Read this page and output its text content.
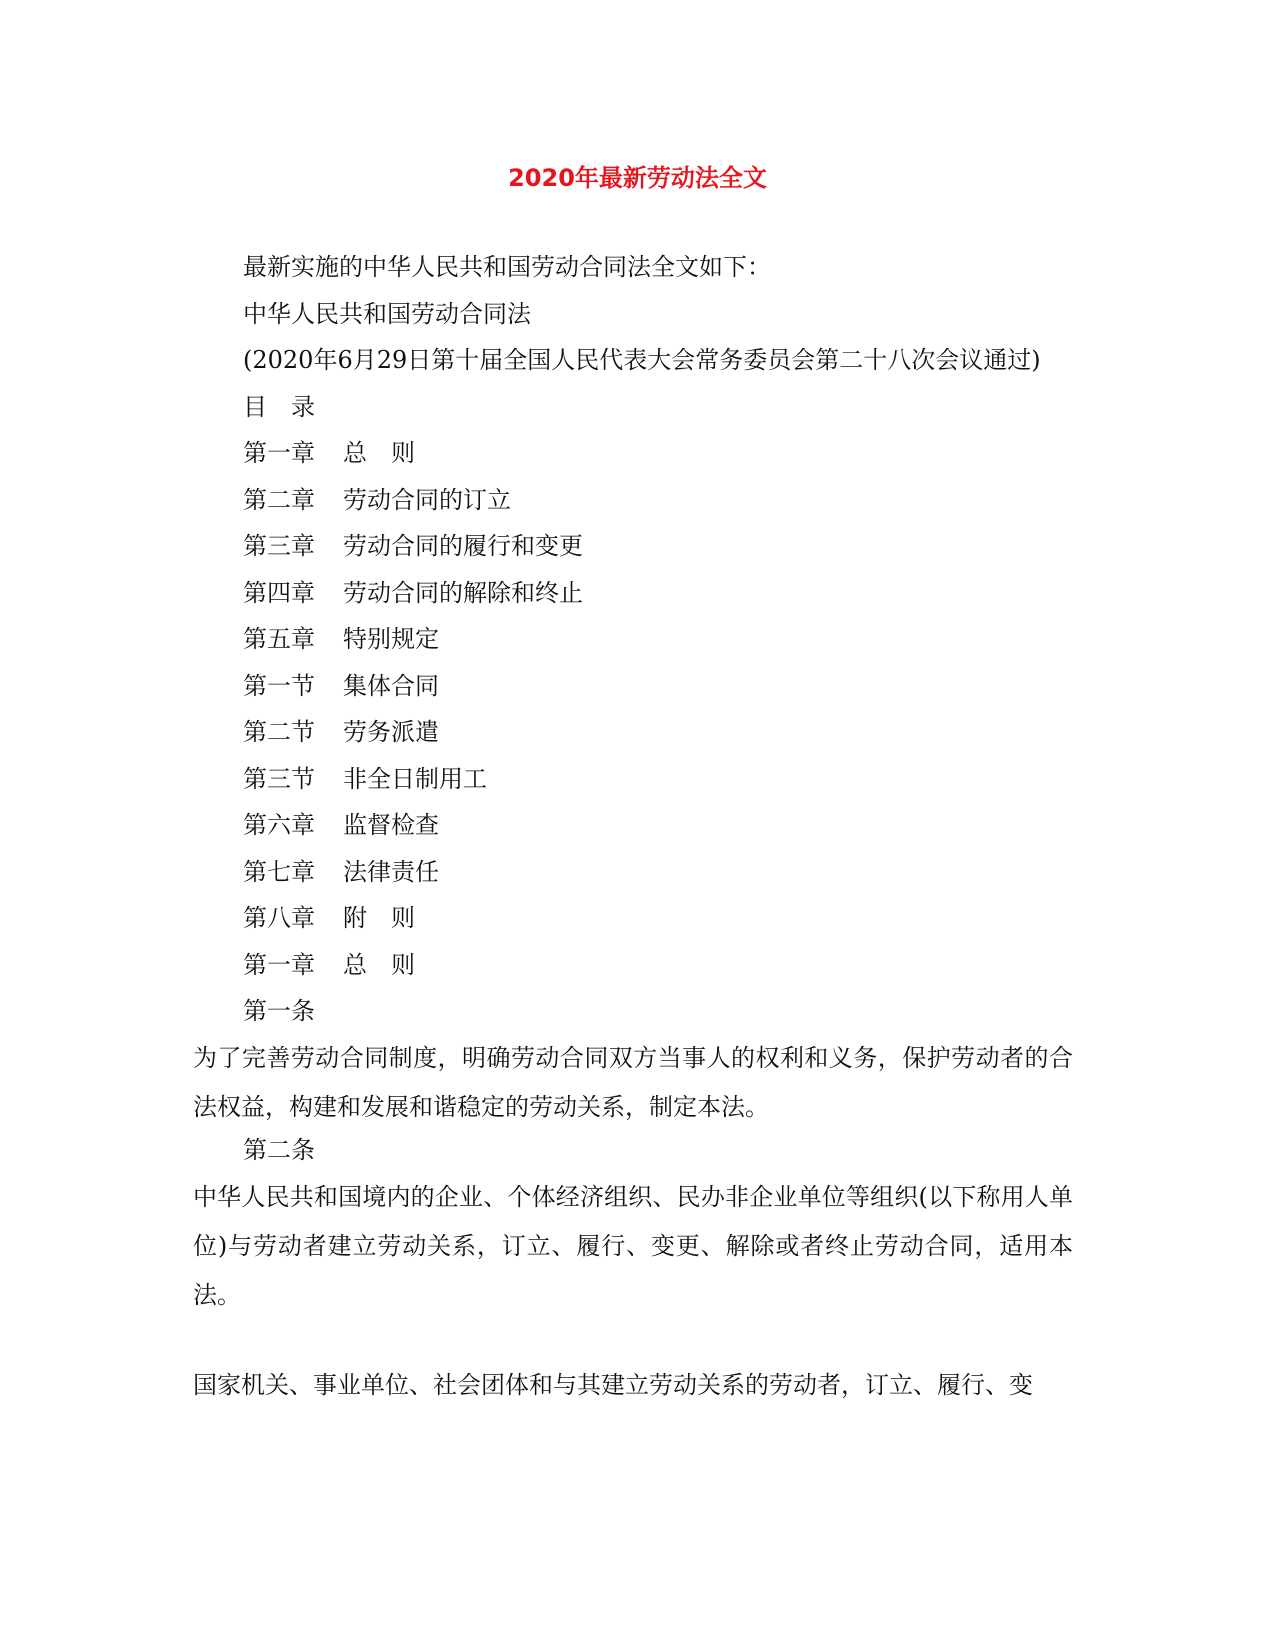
2020年最新劳动法全文
最新实施的中华人民共和国劳动合同法全文如下：
中华人民共和国劳动合同法
(2020年6月29日第十届全国人民代表大会常务委员会第二十八次会议通过)
目　录
第一章 总　则
第二章 劳动合同的订立
第三章 劳动合同的履行和变更
第四章 劳动合同的解除和终止
第五章 特别规定
第一节 集体合同
第二节 劳务派遣
第三节 非全日制用工
第六章 监督检查
第七章 法律责任
第八章 附　则
第一章 总　则
第一条
为了完善劳动合同制度，明确劳动合同双方当事人的权利和义务，保护劳动者的合法权益，构建和发展和谐稳定的劳动关系，制定本法。
第二条
中华人民共和国境内的企业、个体经济组织、民办非企业单位等组织(以下称用人单位)与劳动者建立劳动关系，订立、履行、变更、解除或者终止劳动合同，适用本法。
国家机关、事业单位、社会团体和与其建立劳动关系的劳动者，订立、履行、变
